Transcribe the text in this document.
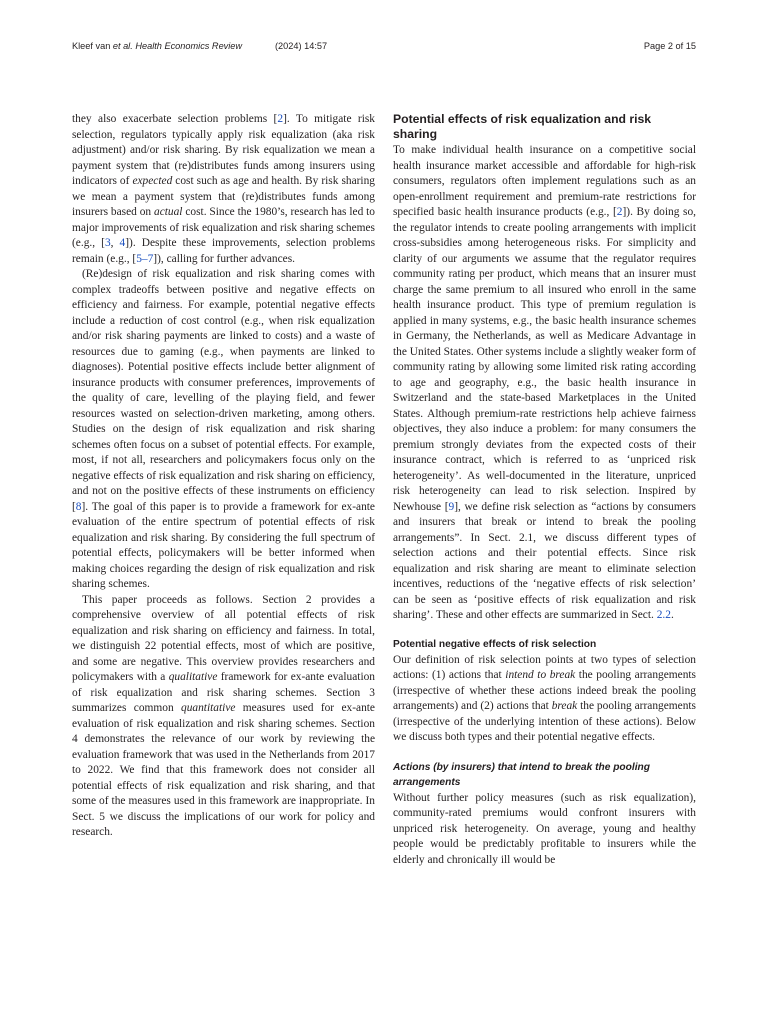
Kleef van et al. Health Economics Review	(2024) 14:57	Page 2 of 15

they also exacerbate selection problems [2]. To mitigate risk selection, regulators typically apply risk equalization (aka risk adjustment) and/or risk sharing. By risk equalization we mean a payment system that (re)distributes funds among insurers using indicators of expected cost such as age and health. By risk sharing we mean a payment system that (re)distributes funds among insurers based on actual cost. Since the 1980’s, research has led to major improvements of risk equalization and risk sharing schemes (e.g., [3, 4]). Despite these improvements, selection problems remain (e.g., [5–7]), calling for further advances.

(Re)design of risk equalization and risk sharing comes with complex tradeoffs between positive and negative effects on efficiency and fairness. For example, potential negative effects include a reduction of cost control (e.g., when risk equalization and/or risk sharing payments are linked to costs) and a waste of resources due to gaming (e.g., when payments are linked to diagnoses). Potential positive effects include better alignment of insurance products with consumer preferences, improvements of the quality of care, levelling of the playing field, and fewer resources wasted on selection-driven marketing, among others. Studies on the design of risk equalization and risk sharing schemes often focus on a subset of potential effects. For example, most, if not all, researchers and policymakers focus only on the negative effects of risk equalization and risk sharing on efficiency, and not on the positive effects of these instruments on efficiency [8]. The goal of this paper is to provide a framework for ex-ante evaluation of the entire spectrum of potential effects of risk equalization and risk sharing. By considering the full spectrum of potential effects, policymakers will be better informed when making choices regarding the design of risk equalization and risk sharing schemes.

This paper proceeds as follows. Section 2 provides a comprehensive overview of all potential effects of risk equalization and risk sharing on efficiency and fairness. In total, we distinguish 22 potential effects, most of which are positive, and some are negative. This overview provides researchers and policymakers with a qualitative framework for ex-ante evaluation of risk equalization and risk sharing schemes. Section 3 summarizes common quantitative measures used for ex-ante evaluation of risk equalization and risk sharing schemes. Section 4 demonstrates the relevance of our work by reviewing the evaluation framework that was used in the Netherlands from 2017 to 2022. We find that this framework does not consider all potential effects of risk equalization and risk sharing, and that some of the measures used in this framework are inappropriate. In Sect. 5 we discuss the implications of our work for policy and research.

Potential effects of risk equalization and risk sharing

To make individual health insurance on a competitive social health insurance market accessible and affordable for high-risk consumers, regulators often implement regulations such as an open-enrollment requirement and premium-rate restrictions for specified basic health insurance products (e.g., [2]). By doing so, the regulator intends to create pooling arrangements with implicit cross-subsidies among heterogeneous risks. For simplicity and clarity of our arguments we assume that the regulator requires community rating per product, which means that an insurer must charge the same premium to all insured who enroll in the same health insurance product. This type of premium regulation is applied in many systems, e.g., the basic health insurance schemes in Germany, the Netherlands, as well as Medicare Advantage in the United States. Other systems include a slightly weaker form of community rating by allowing some limited risk rating according to age and geography, e.g., the basic health insurance in Switzerland and the state-based Marketplaces in the United States. Although premium-rate restrictions help achieve fairness objectives, they also induce a problem: for many consumers the premium strongly deviates from the expected costs of their insurance contract, which is referred to as ‘unpriced risk heterogeneity’. As well-documented in the literature, unpriced risk heterogeneity can lead to risk selection. Inspired by Newhouse [9], we define risk selection as “actions by consumers and insurers that break or intend to break the pooling arrangements”. In Sect. 2.1, we discuss different types of selection actions and their potential effects. Since risk equalization and risk sharing are meant to eliminate selection incentives, reductions of the ‘negative effects of risk selection’ can be seen as ‘positive effects of risk equalization and risk sharing’. These and other effects are summarized in Sect. 2.2.

Potential negative effects of risk selection

Our definition of risk selection points at two types of selection actions: (1) actions that intend to break the pooling arrangements (irrespective of whether these actions indeed break the pooling arrangements) and (2) actions that break the pooling arrangements (irrespective of the underlying intention of these actions). Below we discuss both types and their potential negative effects.

Actions (by insurers) that intend to break the pooling arrangements

Without further policy measures (such as risk equalization), community-rated premiums would confront insurers with unpriced risk heterogeneity. On average, young and healthy people would be predictably profitable to insurers while the elderly and chronically ill would be
